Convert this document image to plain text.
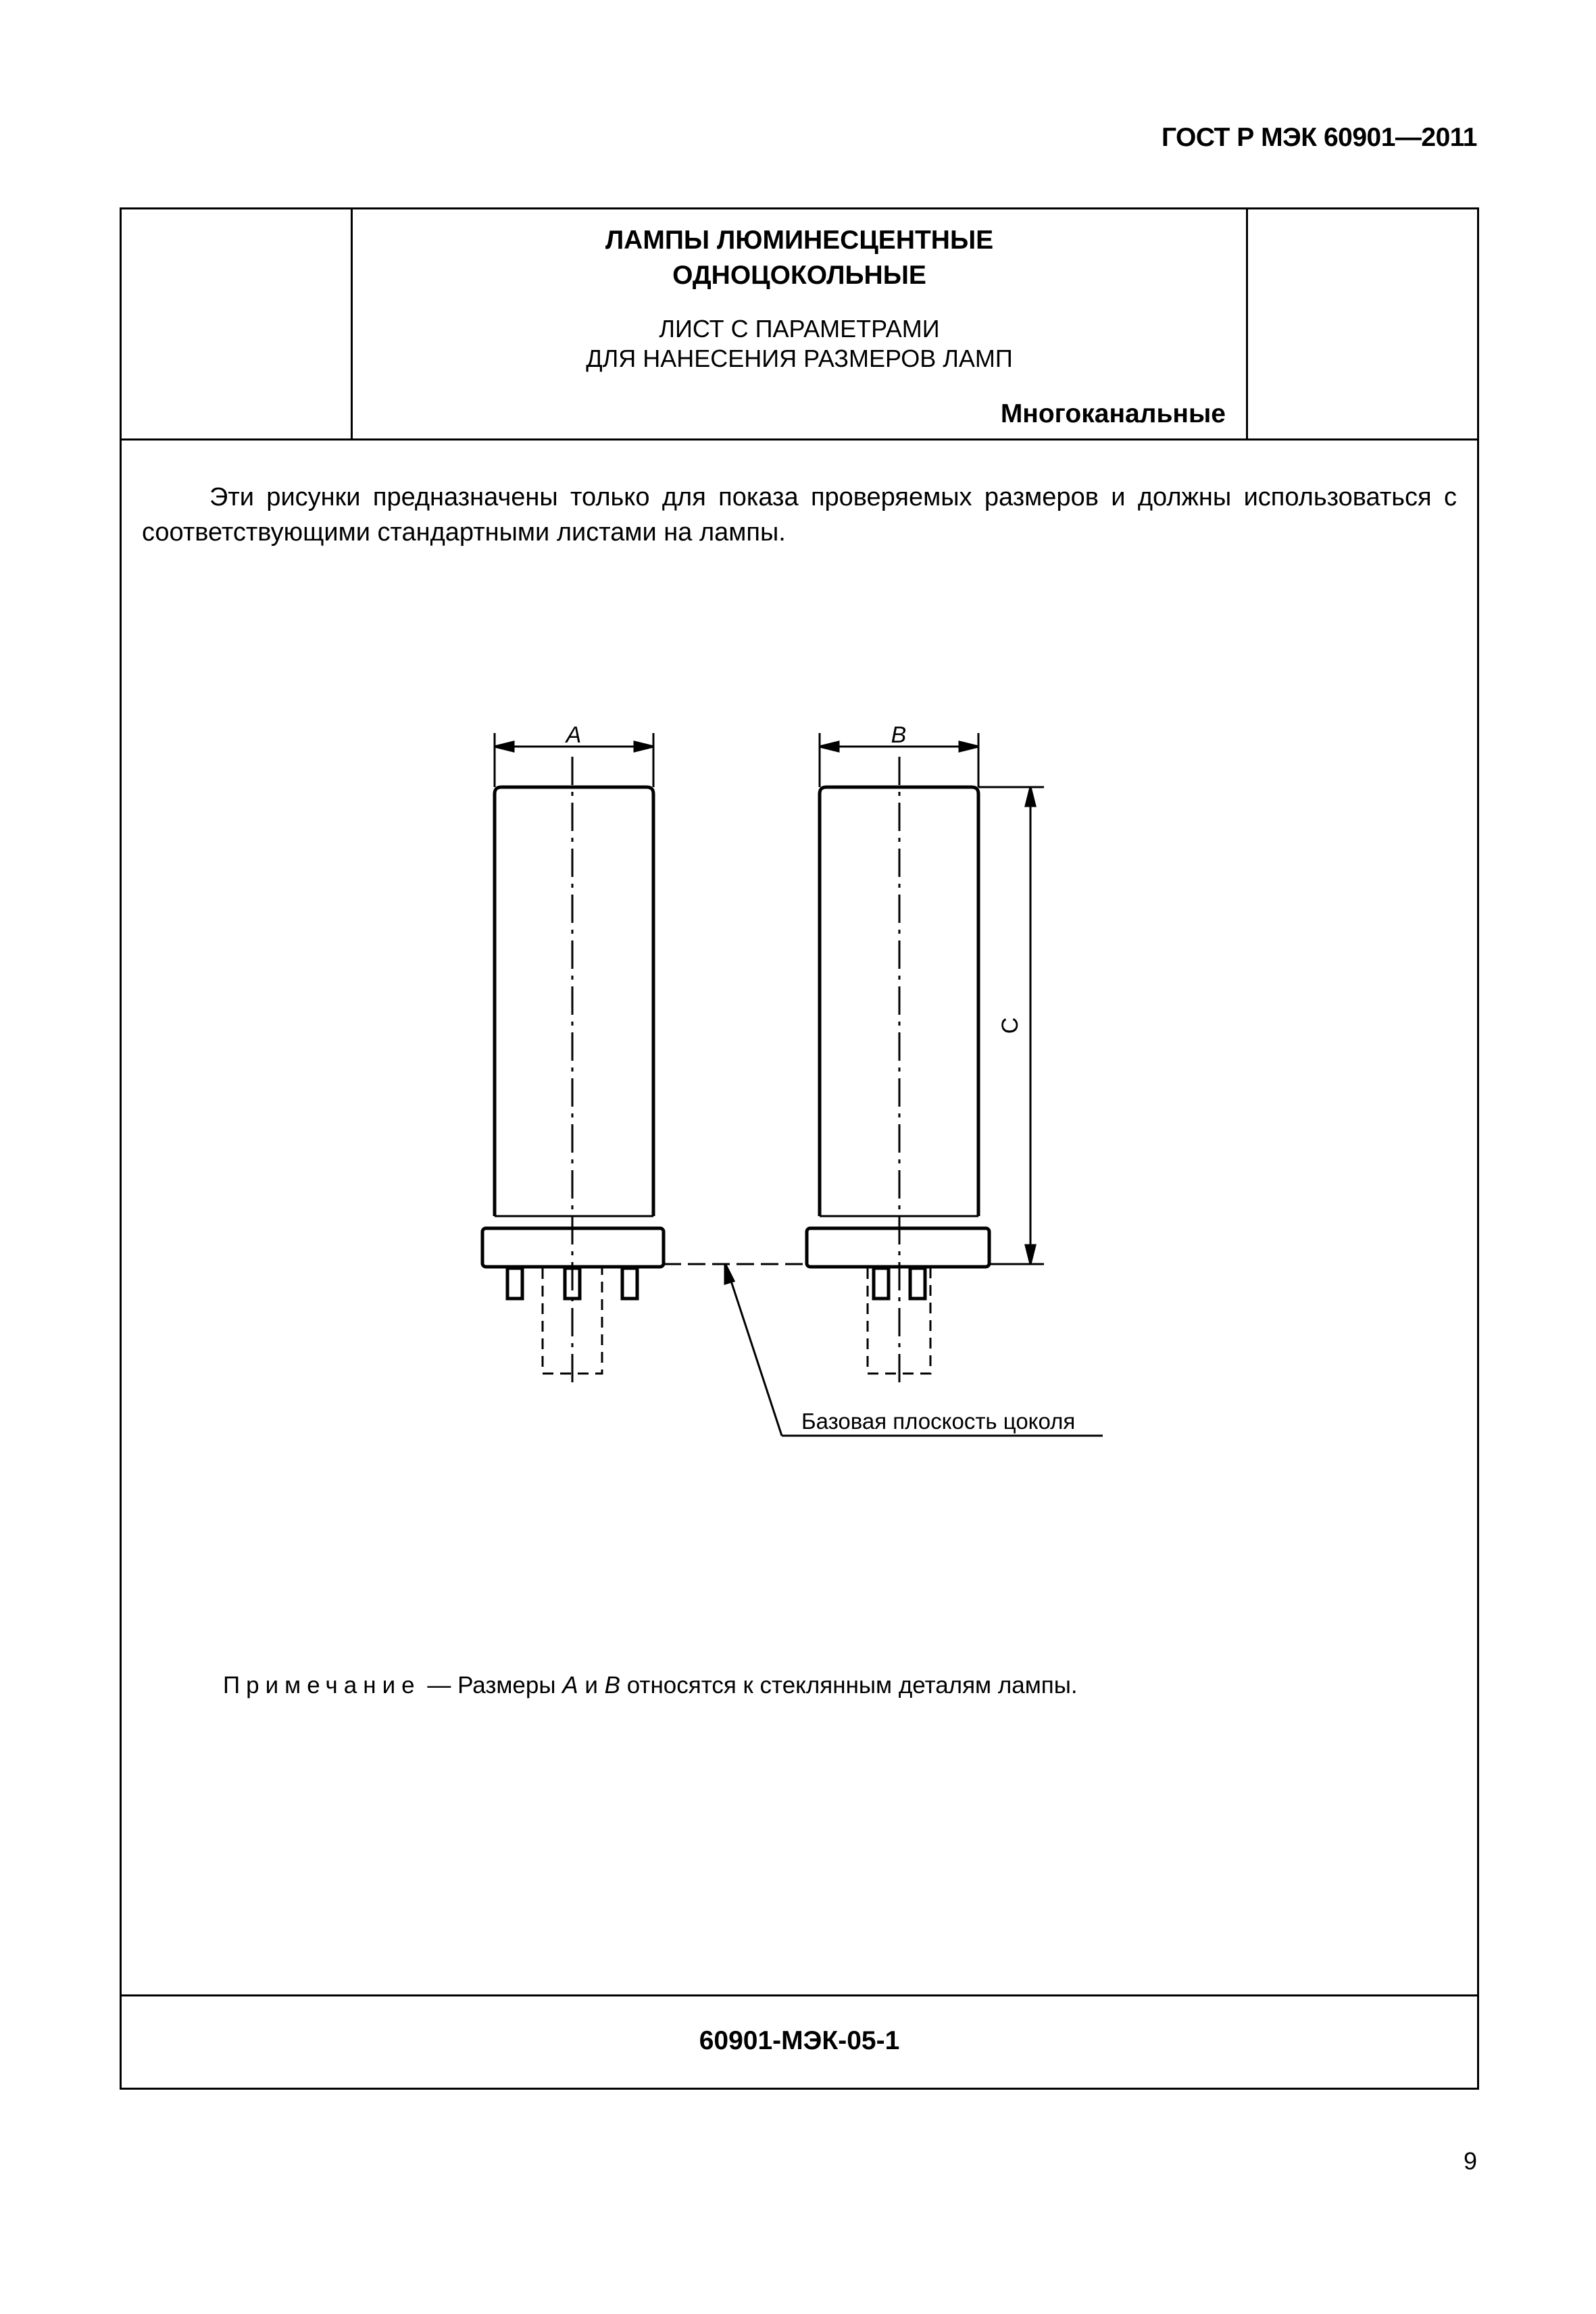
ГОСТ Р МЭК 60901—2011
ЛАМПЫ ЛЮМИНЕСЦЕНТНЫЕ
ОДНОЦОКОЛЬНЫЕ
ЛИСТ С ПАРАМЕТРАМИ
ДЛЯ НАНЕСЕНИЯ РАЗМЕРОВ ЛАМП
Многоканальные

Эти рисунки предназначены только для показа проверяемых размеров и должны использоваться с соответствующими стандартными листами на лампы.

A	B
C
Базовая плоскость цоколя
Примечание — Размеры A и B относятся к стеклянным деталям лампы.
60901-МЭК-05-1
9
